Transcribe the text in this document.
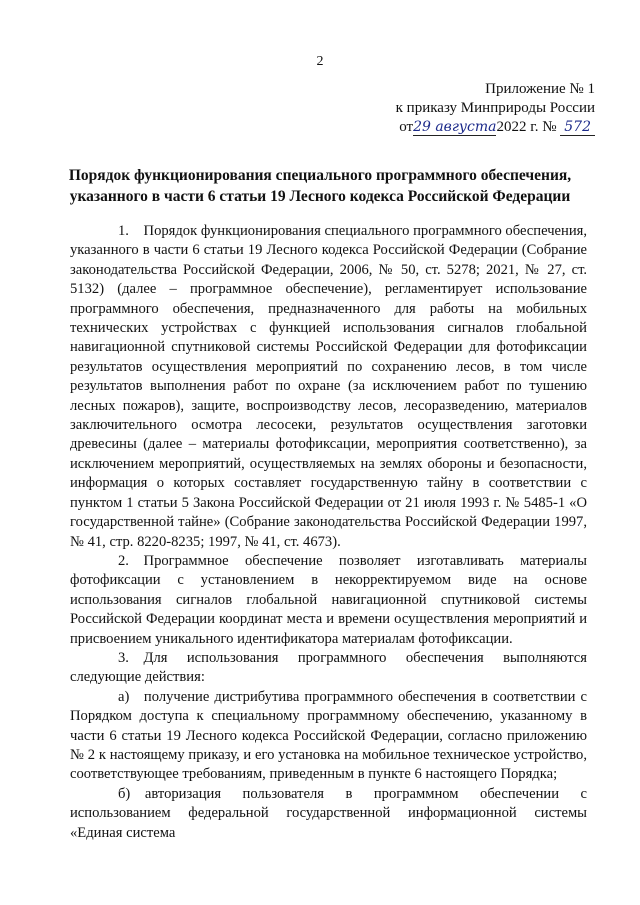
2
Приложение № 1
к приказу Минприроды России
от29 августа2022 г. № 572
Порядок функционирования специального программного обеспечения,
указанного в части 6 статьи 19 Лесного кодекса Российской Федерации

1. Порядок функционирования специального программного обеспечения, указанного в части 6 статьи 19 Лесного кодекса Российской Федерации (Собрание законодательства Российской Федерации, 2006, № 50, ст. 5278; 2021, № 27, ст. 5132) (далее – программное обеспечение), регламентирует использование программного обеспечения, предназначенного для работы на мобильных технических устройствах с функцией использования сигналов глобальной навигационной спутниковой системы Российской Федерации для фотофиксации результатов осуществления мероприятий по сохранению лесов, в том числе результатов выполнения работ по охране (за исключением работ по тушению лесных пожаров), защите, воспроизводству лесов, лесоразведению, материалов заключительного осмотра лесосеки, результатов осуществления заготовки древесины (далее – материалы фотофиксации, мероприятия соответственно), за исключением мероприятий, осуществляемых на землях обороны и безопасности, информация о которых составляет государственную тайну в соответствии с пунктом 1 статьи 5 Закона Российской Федерации от 21 июля 1993 г. № 5485-1 «О государственной тайне» (Собрание законодательства Российской Федерации 1997, № 41, стр. 8220-8235; 1997, № 41, ст. 4673).

2. Программное обеспечение позволяет изготавливать материалы фотофиксации с установлением в некорректируемом виде на основе использования сигналов глобальной навигационной спутниковой системы Российской Федерации координат места и времени осуществления мероприятий и присвоением уникального идентификатора материалам фотофиксации.

3. Для использования программного обеспечения выполняются следующие действия:

а) получение дистрибутива программного обеспечения в соответствии с Порядком доступа к специальному программному обеспечению, указанному в части 6 статьи 19 Лесного кодекса Российской Федерации, согласно приложению № 2 к настоящему приказу, и его установка на мобильное техническое устройство, соответствующее требованиям, приведенным в пункте 6 настоящего Порядка;

б) авторизация пользователя в программном обеспечении с использованием федеральной государственной информационной системы «Единая система
